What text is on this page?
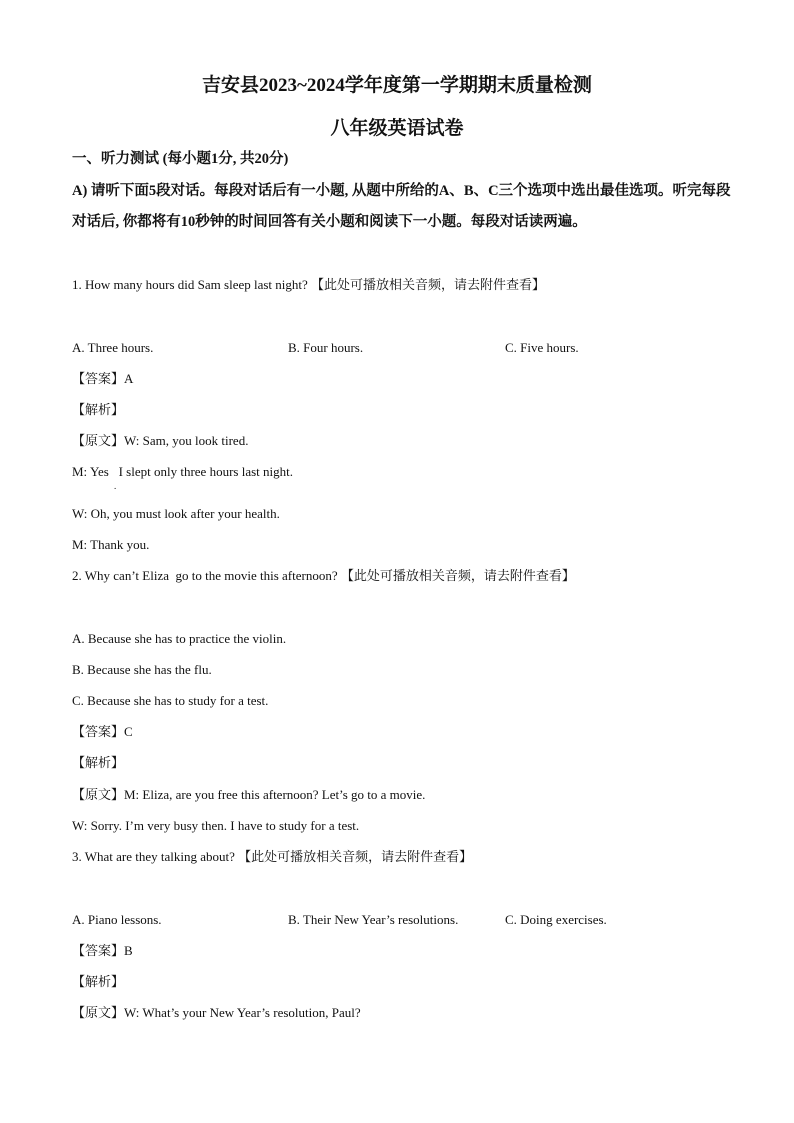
吉安县2023~2024学年度第一学期期末质量检测
八年级英语试卷

一、听力测试 (每小题1分, 共20分)

A) 请听下面5段对话。每段对话后有一小题, 从题中所给的A、B、C三个选项中选出最佳选项。听完每段对话后, 你都将有10秒钟的时间回答有关小题和阅读下一小题。每段对话读两遍。

1. How many hours did Sam sleep last night? 【此处可播放相关音频，请去附件查看】

A. Three hours.	B. Four hours.	C. Five hours.

【答案】A

【解析】

【原文】W: Sam, you look tired.

M: Yes   I slept only three hours last night.

.

W: Oh, you must look after your health.

M: Thank you.

2. Why can’t Eliza  go to the movie this afternoon? 【此处可播放相关音频，请去附件查看】

A. Because she has to practice the violin.

B. Because she has the flu.

C. Because she has to study for a test.

【答案】C

【解析】

【原文】M: Eliza, are you free this afternoon? Let’s go to a movie.

W: Sorry. I’m very busy then. I have to study for a test.

3. What are they talking about? 【此处可播放相关音频，请去附件查看】

A. Piano lessons.	B. Their New Year’s resolutions.	C. Doing exercises.

【答案】B

【解析】

【原文】W: What’s your New Year’s resolution, Paul?
